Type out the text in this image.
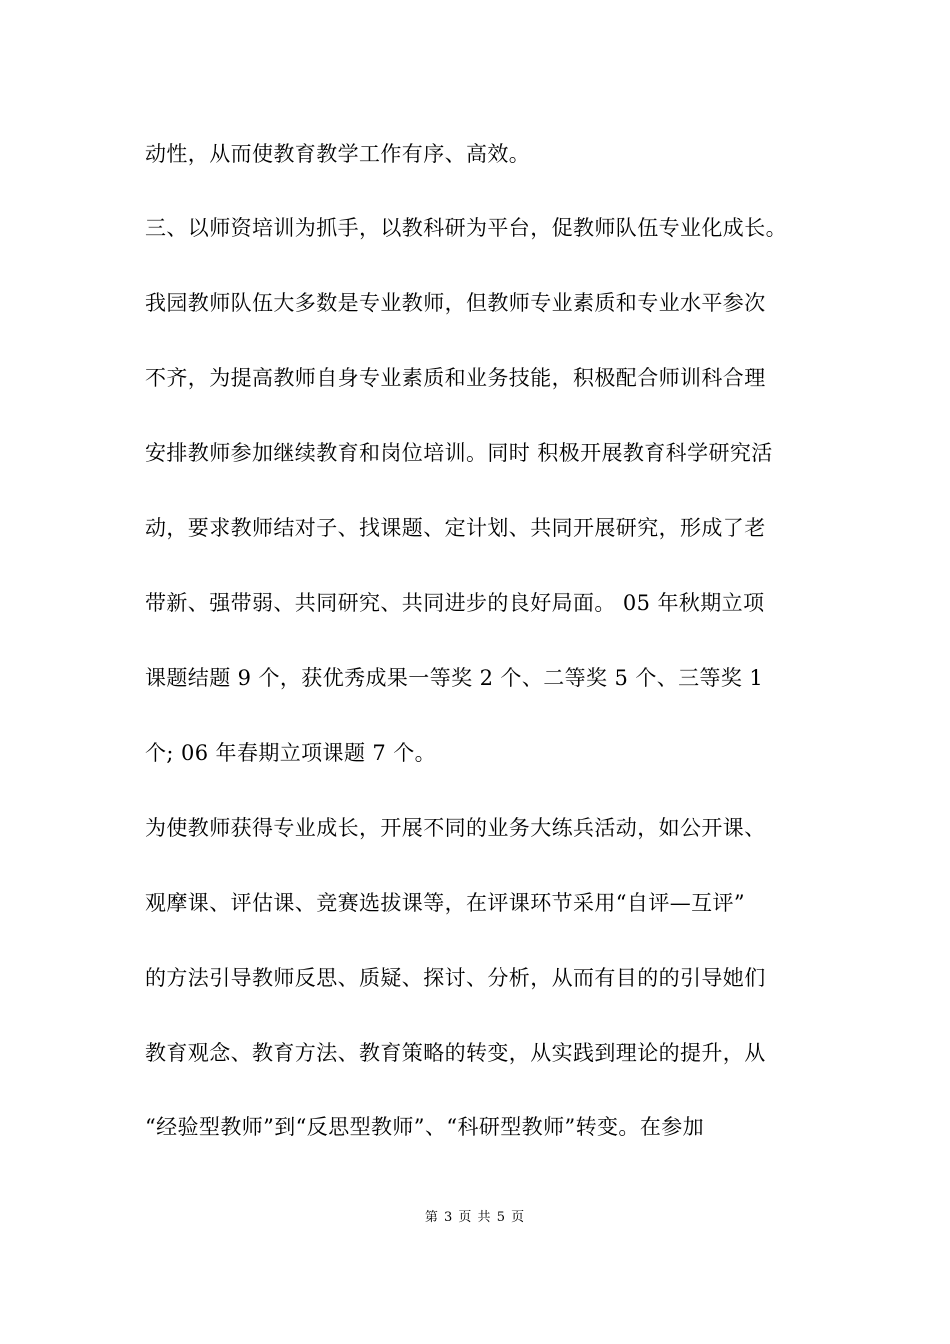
动性，从而使教育教学工作有序、高效。
三、以师资培训为抓手，以教科研为平台，促教师队伍专业化成长。
我园教师队伍大多数是专业教师，但教师专业素质和专业水平参次
不齐，为提高教师自身专业素质和业务技能，积极配合师训科合理
安排教师参加继续教育和岗位培训。同时 积极开展教育科学研究活
动，要求教师结对子、找课题、定计划、共同开展研究，形成了老
带新、强带弱、共同研究、共同进步的良好局面。 05 年秋期立项
课题结题 9 个，获优秀成果一等奖 2 个、二等奖 5 个、三等奖 1
个; 06 年春期立项课题 7 个。
为使教师获得专业成长，开展不同的业务大练兵活动，如公开课、
观摩课、评估课、竞赛选拔课等，在评课环节采用“自评—互评”
的方法引导教师反思、质疑、探讨、分析，从而有目的的引导她们
教育观念、教育方法、教育策略的转变，从实践到理论的提升，从
“经验型教师”到“反思型教师”、“科研型教师”转变。在参加
第 3 页 共 5 页
